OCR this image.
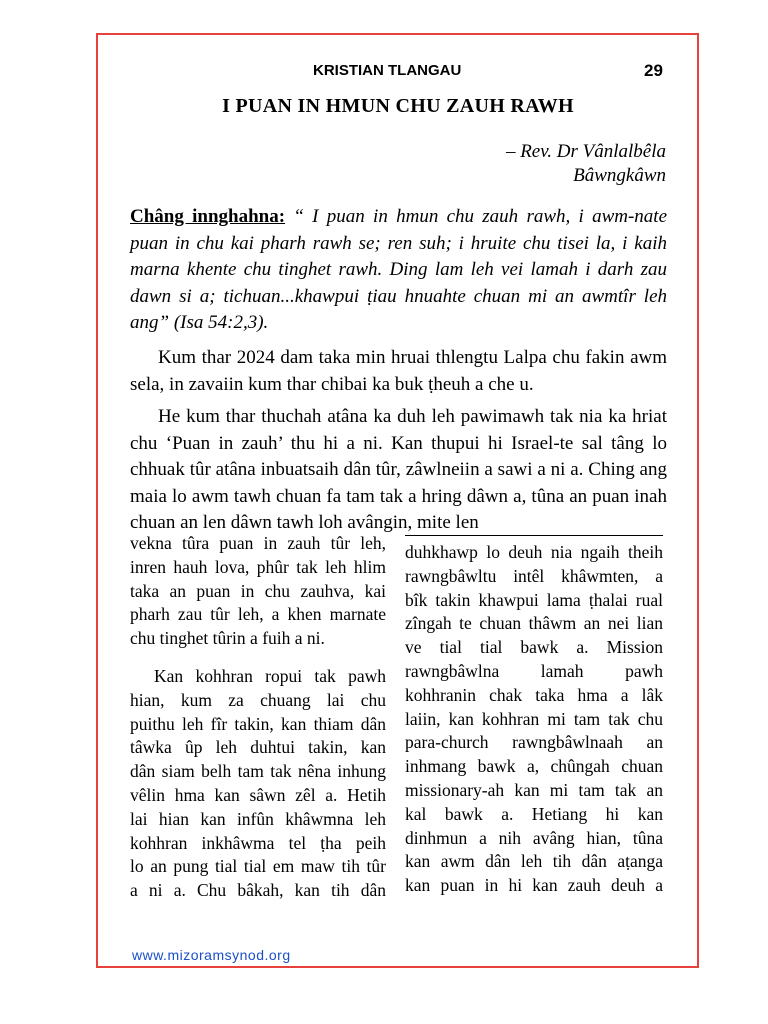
KRISTIAN TLANGAU	29
I PUAN IN HMUN CHU ZAUH RAWH
– Rev. Dr Vânlalbêla
Bâwngkâwn
Châng innghahna: “ I puan in hmun chu zauh rawh, i awm-nate puan in chu kai pharh rawh se; ren suh; i hruite chu tisei la, i kaih marna khente chu tinghet rawh. Ding lam leh vei lamah i darh zau dawn si a; tichuan...khawpui ṭiau hnuahte chuan mi an awmtîr leh ang” (Isa 54:2,3).

Kum thar 2024 dam taka min hruai thlengtu Lalpa chu fakin awm sela, in zavaiin kum thar chibai ka buk ṭheuh a che u.

He kum thar thuchah atâna ka duh leh pawimawh tak nia ka hriat chu ‘Puan in zauh’ thu hi a ni. Kan thupui hi Israel-te sal tâng lo chhuak tûr atâna inbuatsaih dân tûr, zâwlneiin a sawi a ni a. Ching ang maia lo awm tawh chuan fa tam tak a hring dâwn a, tûna an puan inah chuan an len dâwn tawh loh avângin, mite len

vekna tûra puan in zauh tûr leh,
inren hauh lova, phûr tak leh hlim
taka an puan in chu zauhva, kai
pharh zau tûr leh, a khen marnate
chu tinghet tûrin a fuih a ni.
Kan kohhran ropui tak pawh
hian, kum za chuang lai chu
puithu leh fîr takin, kan thiam dân
tâwka ûp leh duhtui takin, kan
dân siam belh tam tak nêna inhung
vêlin hma kan sâwn zêl a. Hetih
lai hian kan infûn khâwmna leh
kohhran inkhâwma tel ṭha peih
lo an pung tial tial em maw tih tûr
a ni a. Chu bâkah, kan tih dân
duhkhawp lo deuh nia ngaih theih
rawngbâwltu intêl khâwmten, a
bîk takin khawpui lama ṭhalai rual
zîngah te chuan thâwm an nei lian
ve tial tial bawk a. Mission
rawngbâwlna lamah pawh
kohhranin chak taka hma a lâk
laiin, kan kohhran mi tam tak chu
para-church rawngbâwlnaah an
inhmang bawk a, chûngah chuan
missionary-ah kan mi tam tak an
kal bawk a. Hetiang hi kan
dinhmun a nih avâng hian, tûna
kan awm dân leh tih dân aṭanga
kan puan in hi kan zauh deuh a
www.mizoramsynod.org
